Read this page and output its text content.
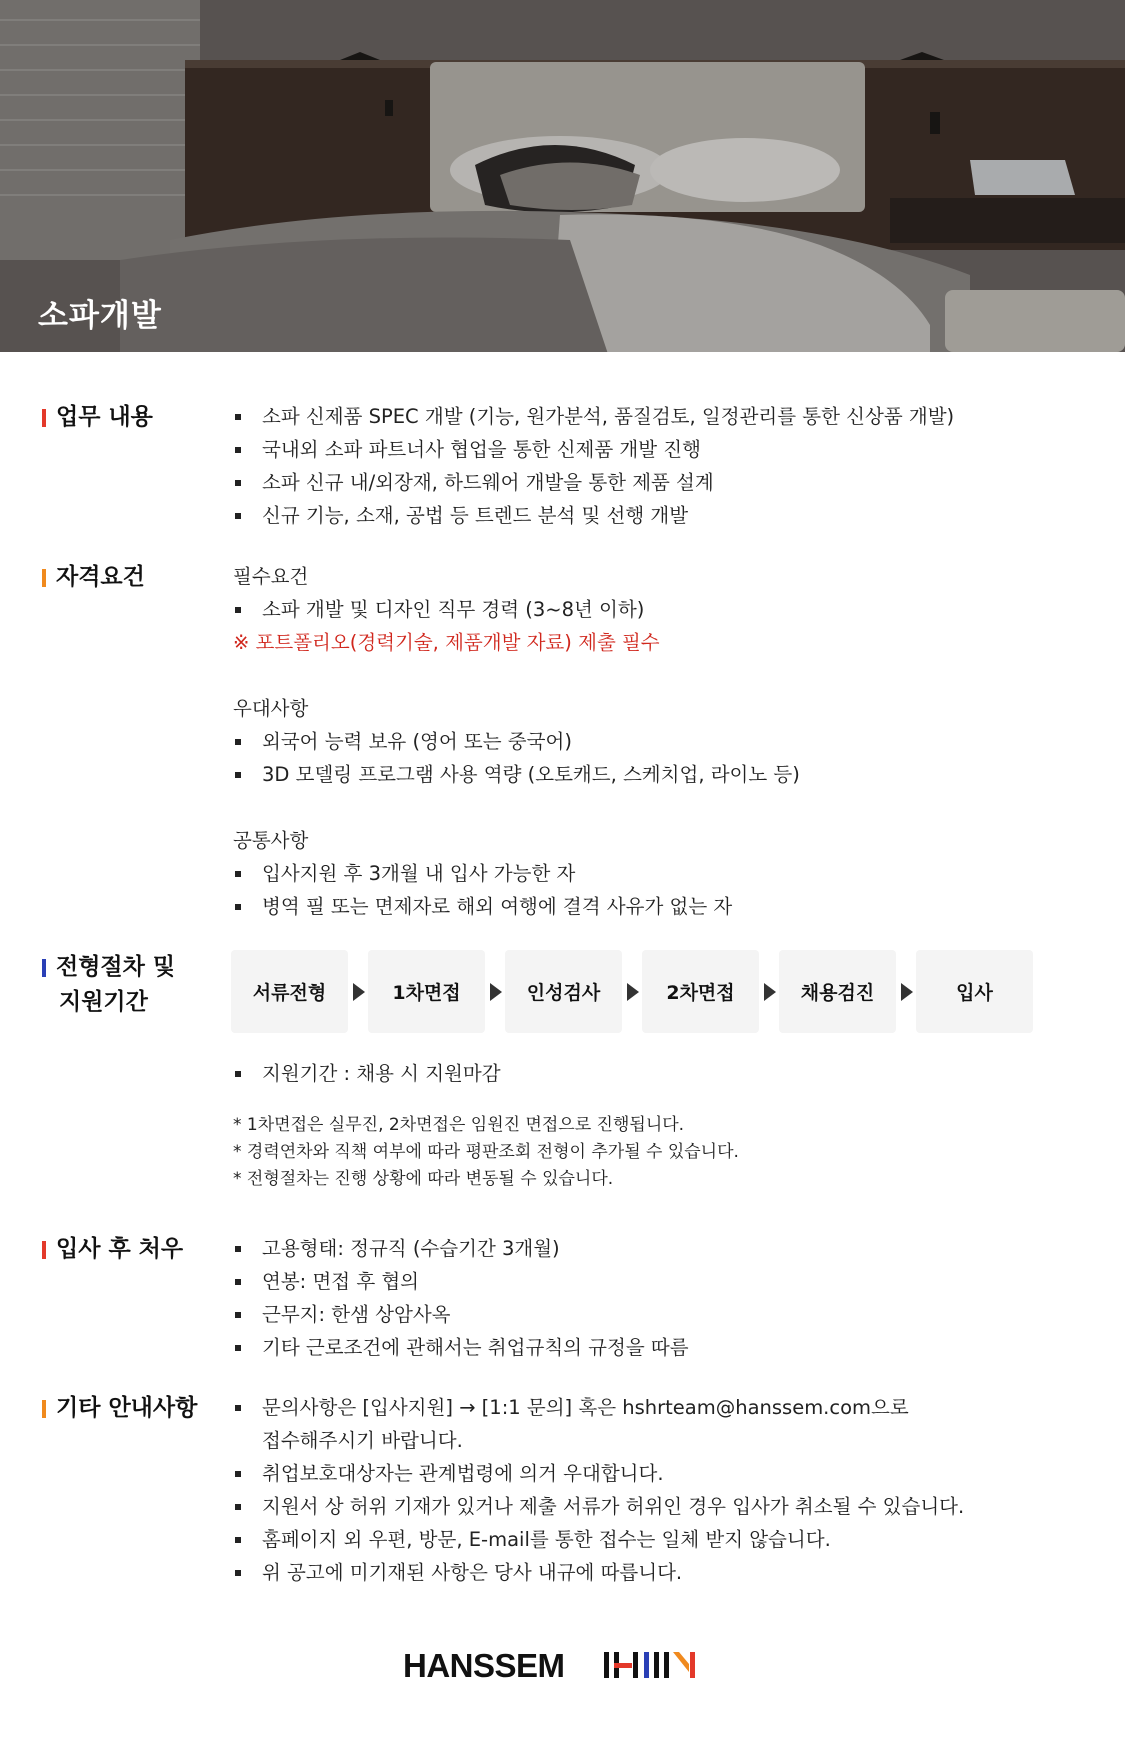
소파개발
업무 내용	소파 신제품 SPEC 개발 (기능, 원가분석, 품질검토, 일정관리를 통한 신상품 개발)
국내외 소파 파트너사 협업을 통한 신제품 개발 진행
소파 신규 내/외장재, 하드웨어 개발을 통한 제품 설계
신규 기능, 소재, 공법 등 트렌드 분석 및 선행 개발
자격요건	필수요건
소파 개발 및 디자인 직무 경력 (3~8년 이하)
※ 포트폴리오(경력기술, 제품개발 자료) 제출 필수
우대사항
외국어 능력 보유 (영어 또는 중국어)
3D 모델링 프로그램 사용 역량 (오토캐드, 스케치업, 라이노 등)
공통사항
입사지원 후 3개월 내 입사 가능한 자
병역 필 또는 면제자로 해외 여행에 결격 사유가 없는 자
전형절차 및
지원기간	서류전형	1차면접	인성검사	2차면접	채용검진	입사
지원기간 : 채용 시 지원마감
* 1차면접은 실무진, 2차면접은 임원진 면접으로 진행됩니다.
* 경력연차와 직책 여부에 따라 평판조회 전형이 추가될 수 있습니다.
* 전형절차는 진행 상황에 따라 변동될 수 있습니다.
입사 후 처우	고용형태: 정규직 (수습기간 3개월)
연봉: 면접 후 협의
근무지: 한샘 상암사옥
기타 근로조건에 관해서는 취업규칙의 규정을 따름
기타 안내사항	문의사항은 [입사지원] → [1:1 문의] 혹은 hshrteam@hanssem.com으로
접수해주시기 바랍니다.
취업보호대상자는 관계법령에 의거 우대합니다.
지원서 상 허위 기재가 있거나 제출 서류가 허위인 경우 입사가 취소될 수 있습니다.
홈페이지 외 우편, 방문, E-mail를 통한 접수는 일체 받지 않습니다.
위 공고에 미기재된 사항은 당사 내규에 따릅니다.
HANSSEM
